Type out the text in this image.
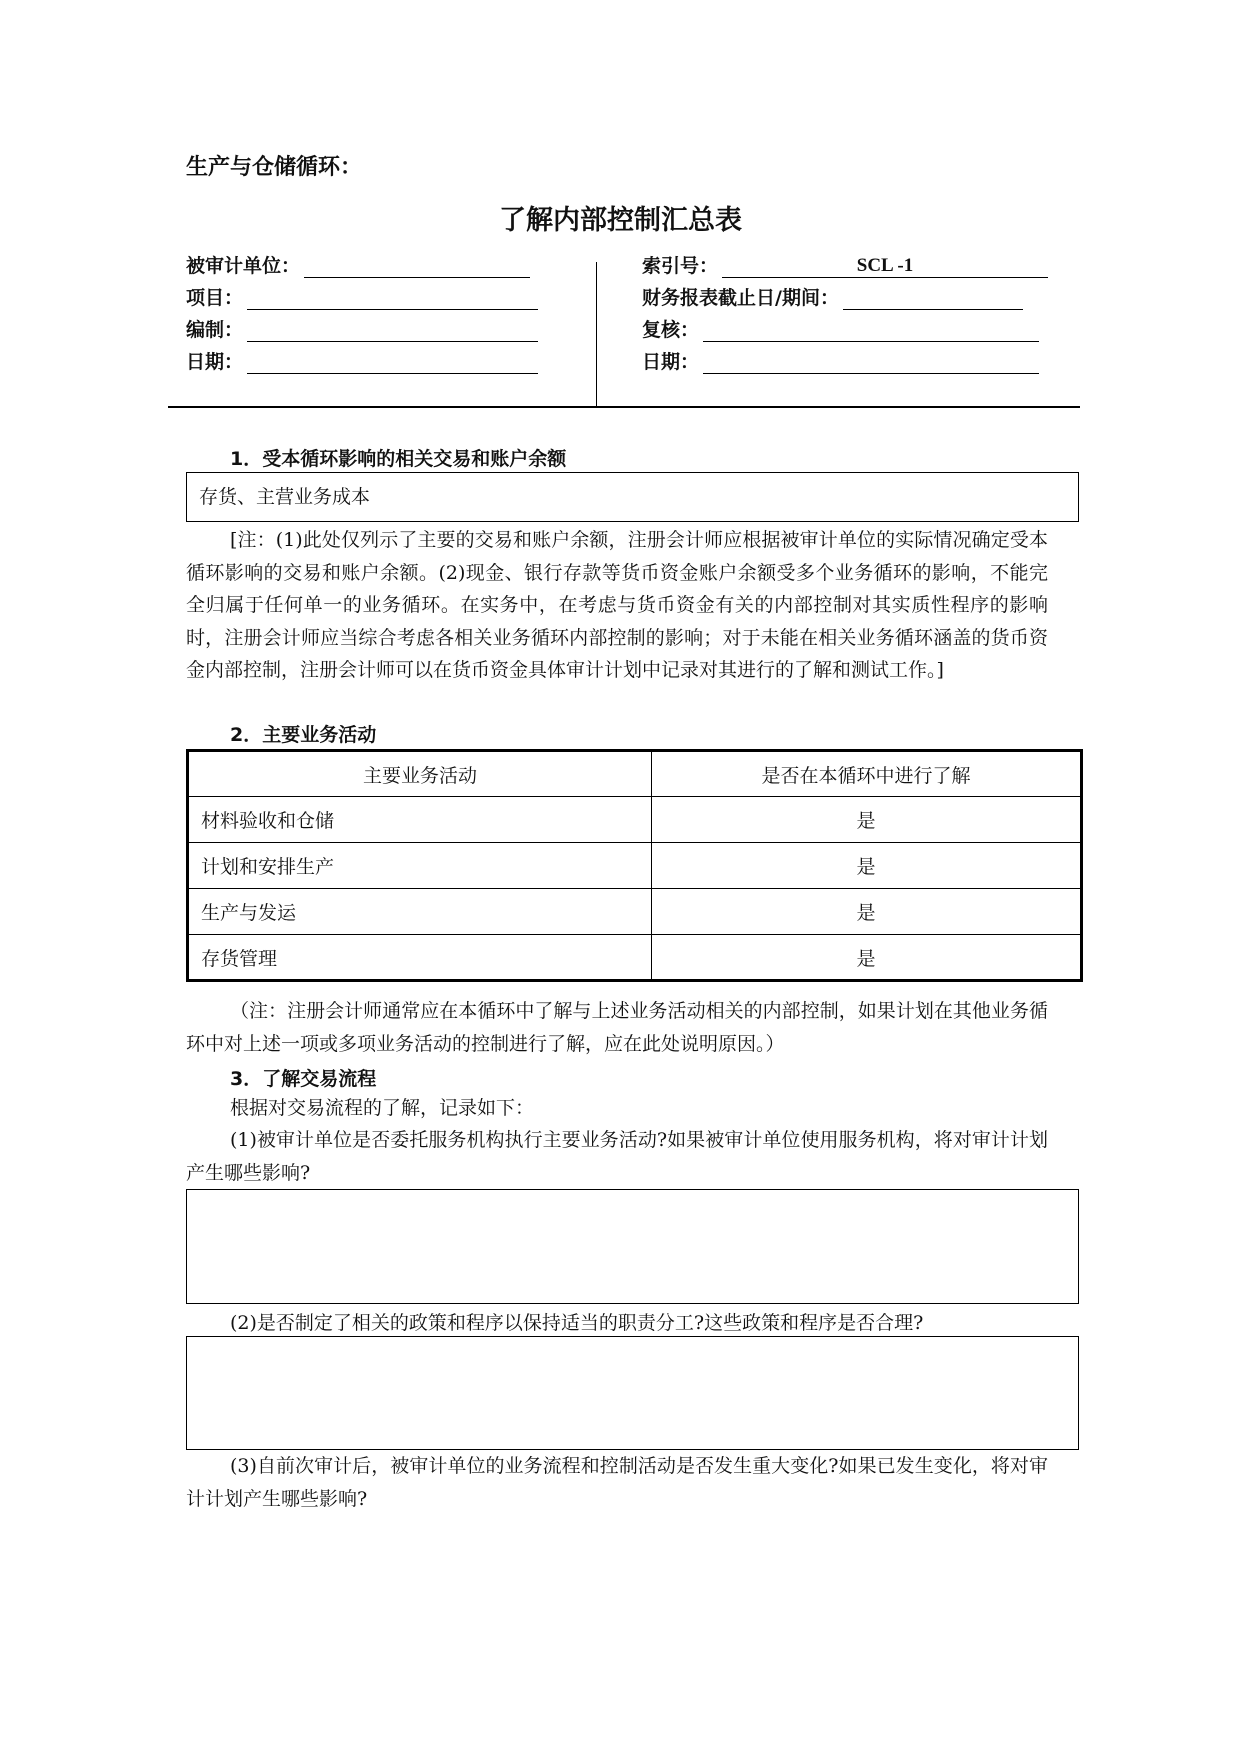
生产与仓储循环：
了解内部控制汇总表
被审计单位：
项目：
编制：
日期：
索引号：	SCL -1
财务报表截止日/期间：
复核：
日期：
1．受本循环影响的相关交易和账户余额
存货、主营业务成本
[注：(1)此处仅列示了主要的交易和账户余额，注册会计师应根据被审计单位的实际情况确定受本循环影响的交易和账户余额。(2)现金、银行存款等货币资金账户余额受多个业务循环的影响，不能完全归属于任何单一的业务循环。在实务中，在考虑与货币资金有关的内部控制对其实质性程序的影响时，注册会计师应当综合考虑各相关业务循环内部控制的影响；对于未能在相关业务循环涵盖的货币资金内部控制，注册会计师可以在货币资金具体审计计划中记录对其进行的了解和测试工作。]
2．主要业务活动
主要业务活动	是否在本循环中进行了解
材料验收和仓储	是
计划和安排生产	是
生产与发运	是
存货管理	是
（注：注册会计师通常应在本循环中了解与上述业务活动相关的内部控制，如果计划在其他业务循环中对上述一项或多项业务活动的控制进行了解，应在此处说明原因。）
3．了解交易流程
根据对交易流程的了解，记录如下：
(1)被审计单位是否委托服务机构执行主要业务活动?如果被审计单位使用服务机构，将对审计计划产生哪些影响?
(2)是否制定了相关的政策和程序以保持适当的职责分工?这些政策和程序是否合理?
(3)自前次审计后，被审计单位的业务流程和控制活动是否发生重大变化?如果已发生变化，将对审计计划产生哪些影响?
